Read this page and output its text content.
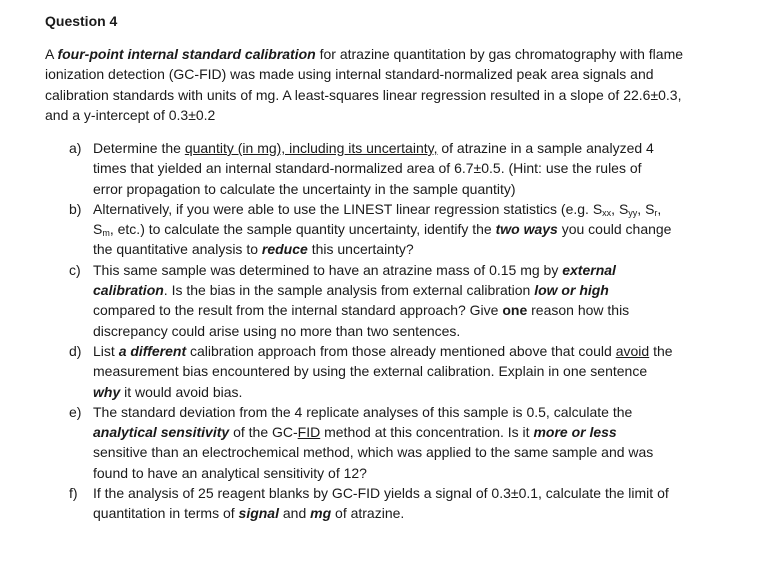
Question 4

A four-point internal standard calibration for atrazine quantitation by gas chromatography with flame ionization detection (GC-FID) was made using internal standard-normalized peak area signals and calibration standards with units of mg. A least-squares linear regression resulted in a slope of 22.6±0.3, and a y-intercept of 0.3±0.2

a) Determine the quantity (in mg), including its uncertainty, of atrazine in a sample analyzed 4 times that yielded an internal standard-normalized area of 6.7±0.5. (Hint: use the rules of error propagation to calculate the uncertainty in the sample quantity)
b) Alternatively, if you were able to use the LINEST linear regression statistics (e.g. $S_{xx}$, $S_{yy}$, $S_r$, $S_m$, etc.) to calculate the sample quantity uncertainty, identify the two ways you could change the quantitative analysis to reduce this uncertainty?
c) This same sample was determined to have an atrazine mass of 0.15 mg by external calibration. Is the bias in the sample analysis from external calibration low or high compared to the result from the internal standard approach? Give one reason how this discrepancy could arise using no more than two sentences.
d) List a different calibration approach from those already mentioned above that could avoid the measurement bias encountered by using the external calibration. Explain in one sentence why it would avoid bias.
e) The standard deviation from the 4 replicate analyses of this sample is 0.5, calculate the analytical sensitivity of the GC-FID method at this concentration. Is it more or less sensitive than an electrochemical method, which was applied to the same sample and was found to have an analytical sensitivity of 12?
f) If the analysis of 25 reagent blanks by GC-FID yields a signal of 0.3±0.1, calculate the limit of quantitation in terms of signal and mg of atrazine.
